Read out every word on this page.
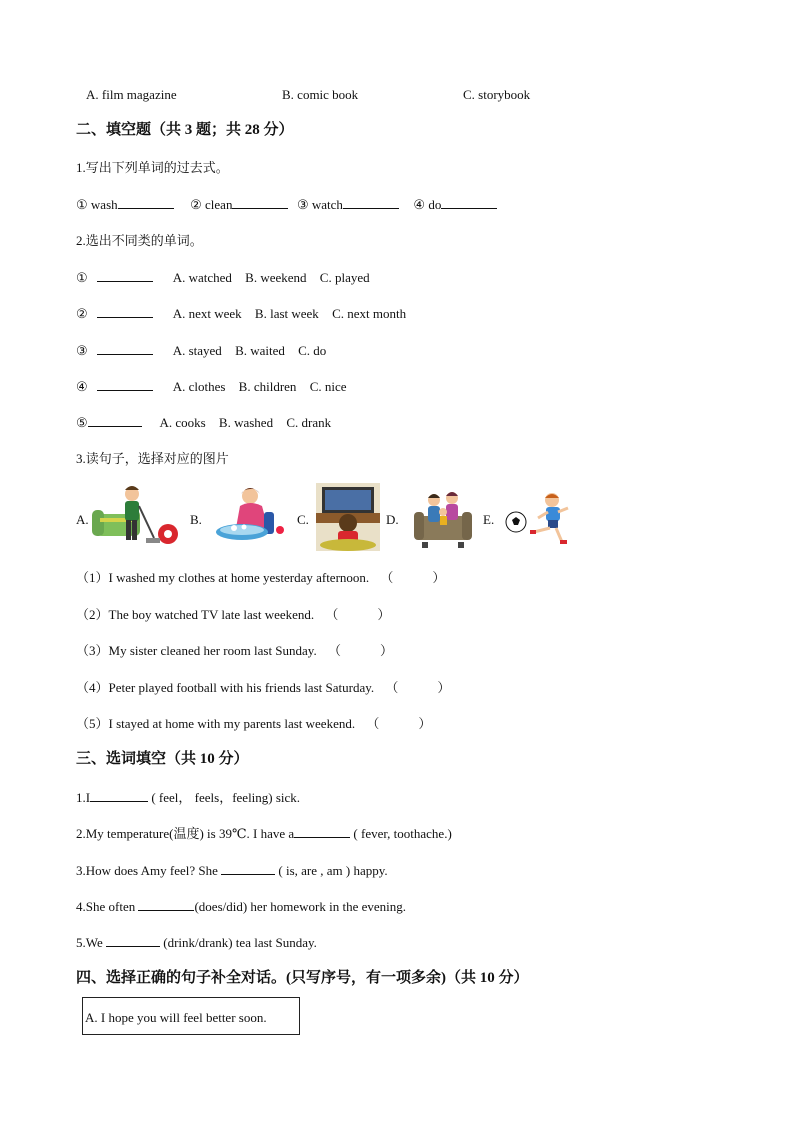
A. film magazine	B. comic book	C. storybook
二、填空题（共 3 题；共 28 分）
1.写出下列单词的过去式。
① wash	② clean	③ watch	④ do
2.选出不同类的单词。
①	A. watched B. weekend C. played
②	A. next week B. last week C. next month
③	A. stayed B. waited C. do
④	A. clothes B. children C. nice
⑤	A. cooks B. washed C. drank
3.读句子，选择对应的图片
A.	B.	C.	D.	E.
（1）I washed my clothes at home yesterday afternoon. （　　　）
（2）The boy watched TV late last weekend. （　　　）
（3）My sister cleaned her room last Sunday. （　　　）
（4）Peter played football with his friends last Saturday. （　　　）
（5）I stayed at home with my parents last weekend. （　　　）
三、选词填空（共 10 分）
1.I	( feel， feels，feeling) sick.
2.My temperature(温度) is 39℃. I have a	( fever, toothache.)
3.How does Amy feel? She	( is, are , am ) happy.
4.She often	(does/did) her homework in the evening.
5.We	(drink/drank) tea last Sunday.
四、选择正确的句子补全对话。(只写序号，有一项多余)（共 10 分）
A. I hope you will feel better soon.
